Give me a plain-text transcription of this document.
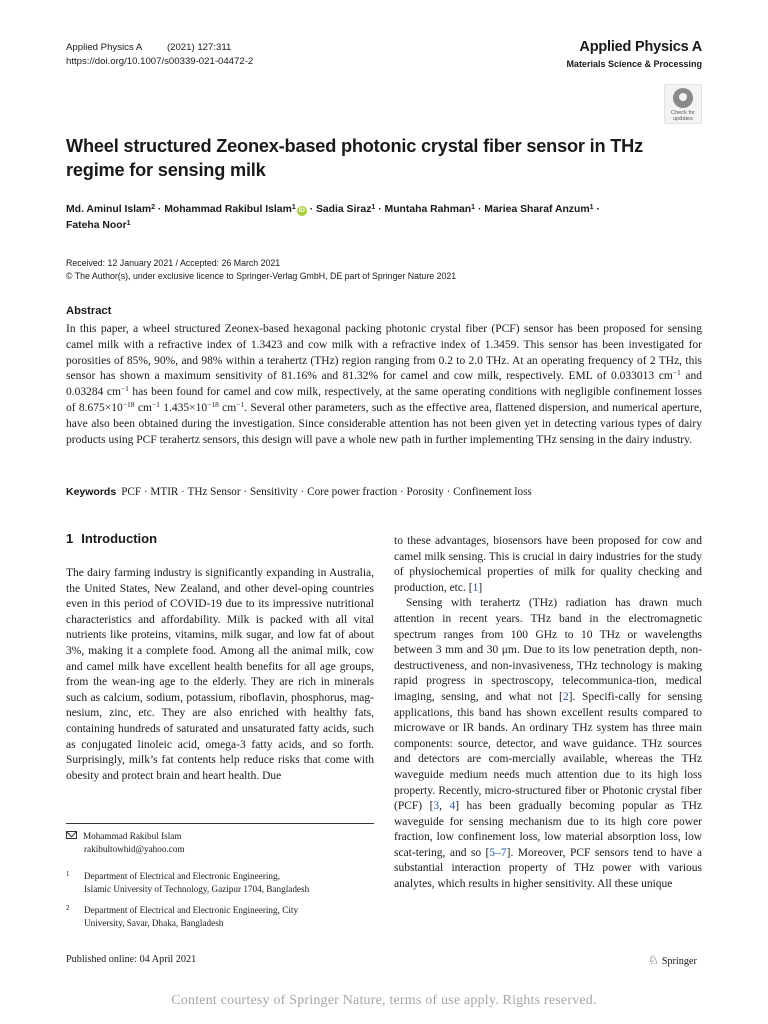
Applied Physics A	(2021) 127:311
https://doi.org/10.1007/s00339-021-04472-2
Applied Physics A
Materials Science & Processing
Check for
updates
Wheel structured Zeonex-based photonic crystal fiber sensor in THz regime for sensing milk
Md. Aminul Islam$^2$ · Mohammad Rakibul Islam$^1$ iD · Sadia Siraz$^1$ · Muntaha Rahman$^1$ · Mariea Sharaf Anzum$^1$ ·
Fateha Noor$^1$
Received: 12 January 2021 / Accepted: 26 March 2021
© The Author(s), under exclusive licence to Springer-Verlag GmbH, DE part of Springer Nature 2021
Abstract
In this paper, a wheel structured Zeonex-based hexagonal packing photonic crystal fiber (PCF) sensor has been proposed for sensing camel milk with a refractive index of 1.3423 and cow milk with a refractive index of 1.3459. This sensor has been investigated for porosities of 85%, 90%, and 98% within a terahertz (THz) region ranging from 0.2 to 2.0 THz. At an operating frequency of 2 THz, this sensor has shown a maximum sensitivity of 81.16% and 81.32% for camel and cow milk, respectively. EML of 0.033013 $cm^{-1}$ and 0.03284 $cm^{-1}$ has been found for camel and cow milk, respectively, at the same operating conditions with negligible confinement losses of $8.675\times 10^{-18}$ $cm^{-1}$ $1.435\times 10^{-18}$ $cm^{-1}$. Several other parameters, such as the effective area, flattened dispersion, and numerical aperture, have also been obtained during the investigation. Since considerable attention has not been given yet in detecting various types of dairy products using PCF terahertz sensors, this design will pave a whole new path in further implementing THz sensing in the dairy industry.
Keywords PCF · MTIR · THz Sensor · Sensitivity · Core power fraction · Porosity · Confinement loss
1 Introduction

The dairy farming industry is significantly expanding in Australia, the United States, New Zealand, and other devel-oping countries even in this period of COVID-19 due to its impressive nutritional characteristics and affordability. Milk is packed with all vital nutrients like proteins, vitamins, milk sugar, and low fat of about 3%, making it a complete food. Among all the animal milk, cow and camel milk have excellent health benefits for all age groups, from the wean-ing age to the elderly. They are rich in minerals such as calcium, sodium, potassium, riboflavin, phosphorus, mag-nesium, zinc, etc. They are also enriched with healthy fats, containing hundreds of saturated and unsaturated fatty acids, such as conjugated linoleic acid, omega-3 fatty acids, and so forth. Surprisingly, milk’s fat contents help reduce risks that come with obesity and protect brain and heart health. Due

to these advantages, biosensors have been proposed for cow and camel milk sensing. This is crucial in dairy industries for the study of physiochemical properties of milk for quality checking and production, etc. [1]

Sensing with terahertz (THz) radiation has drawn much attention in recent years. THz band in the electromagnetic spectrum ranges from 100 GHz to 10 THz or wavelengths between 3 mm and 30 μm. Due to its low penetration depth, non-destructiveness, and non-invasiveness, THz technology is making rapid progress in spectroscopy, telecommunica-tion, medical imaging, sensing, and what not [2]. Specifi-cally for sensing applications, this band has shown excellent results compared to microwave or IR bands. An ordinary THz system has three main components: source, detector, and wave guidance. THz sources and detectors are com-mercially available, whereas the THz waveguide medium needs much attention due to its high loss property. Recently, micro-structured fiber or Photonic crystal fiber (PCF) [3, 4] has been gradually becoming popular as THz waveguide for sensing mechanism due to its high core power fraction, low confinement loss, low material absorption loss, low scat-tering, and so [5–7]. Moreover, PCF sensors tend to have a substantial interaction property of THz power with various analytes, which results in higher sensitivity. All these unique

Mohammad Rakibul Islam
rakibultowhid@yahoo.com
1 Department of Electrical and Electronic Engineering,
Islamic University of Technology, Gazipur 1704, Bangladesh
2 Department of Electrical and Electronic Engineering, City
University, Savar, Dhaka, Bangladesh
Published online: 04 April 2021	♘ Springer
Content courtesy of Springer Nature, terms of use apply. Rights reserved.
